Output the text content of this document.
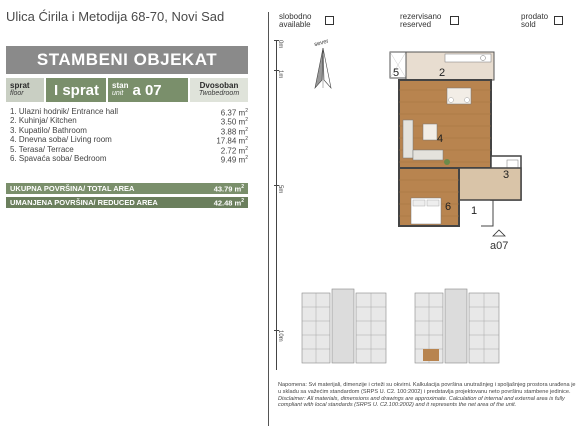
Ulica Ćirila i Metodija 68-70, Novi Sad
STAMBENI OBJEKAT
sprat
floor	I sprat stan
unit a 07	Dvosoban
Twobedroom
1. Ulazni hodnik/ Entrance hall	6.37 $m^2$
2. Kuhinja/ Kitchen	3.50 $m^2$
3. Kupatilo/ Bathroom	3.88 $m^2$
4. Dnevna soba/ Living room	17.84 $m^2$
5. Terasa/ Terrace	2.72 $m^2$
6. Spavaća soba/ Bedroom	9.49 $m^2$
UKUPNA POVRŠINA/ TOTAL AREA	43.79 $m^2$
UMANJENA POVRŠINA/ REDUCED AREA	42.48 $m^2$
0m
1m
5m
10m
slobodno
available
rezervisano
reserved
prodato
sold
sever
5	2
4
3
6 1
a07
Napomena: Svi materijali, dimenzije i crteži su okvirni. Kalkulacija površina unutrašnjeg i spoljašnjeg prostora urađena je u skladu sa važećim standardom (SRPS U. C2. 100:2002) i predstavlja projektovanu neto površinu stambene jedinice.
Disclaimer: All materials, dimensions and drawings are approximate. Calculation of internal and external area is fully compliant with local standards (SRPS U. C2.100:2002) and it represents the net area of the unit.
